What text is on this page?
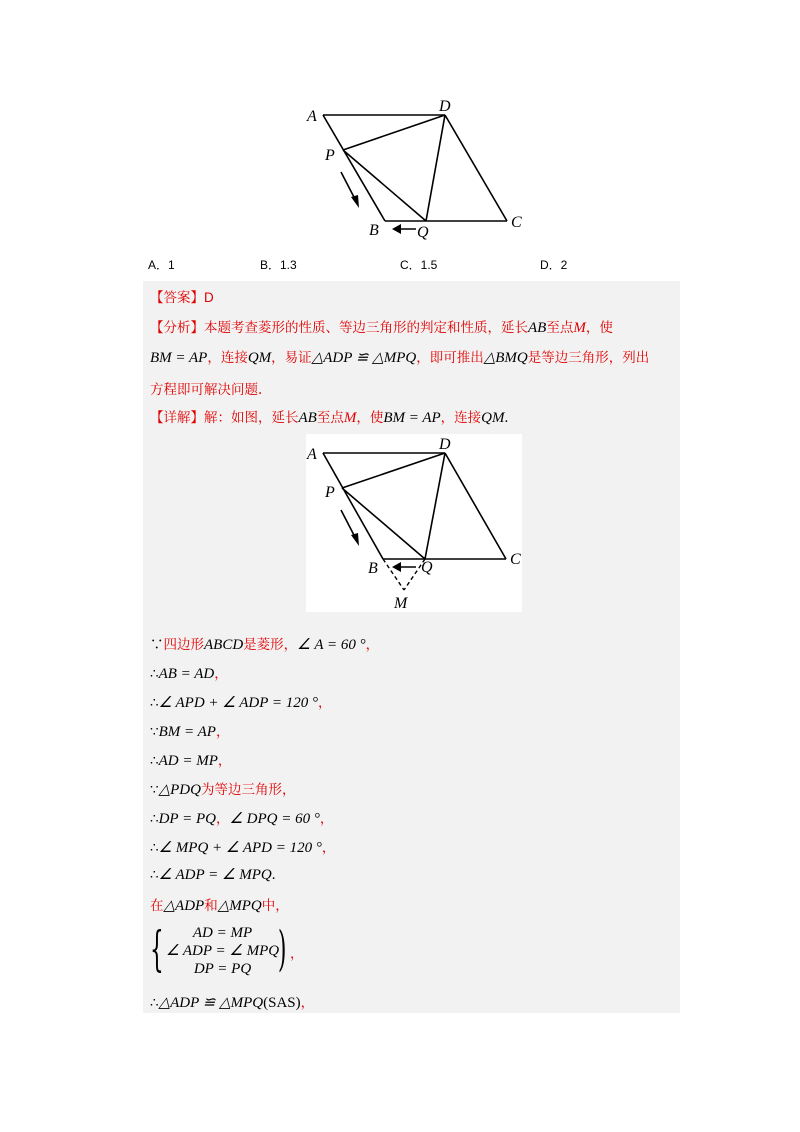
A
D
P
B Q
C
A．1	B．1.3	C．1.5	D．2
【答案】D
【分析】本题考查菱形的性质、等边三角形的判定和性质，延长AB至点M，使
BM = AP，连接QM，易证△ADP ≌ △MPQ，即可推出△BMQ是等边三角形，列出
方程即可解决问题.
【详解】解：如图，延长AB至点M，使BM = AP，连接QM.
A
D
P
B	Q	C
M
∵四边形ABCD是菱形，∠ A = 60 °，
∴AB = AD，
∴∠ APD + ∠ ADP = 120 °，
∵BM = AP，
∴AD = MP，
∵△PDQ为等边三角形，
∴DP = PQ，∠ DPQ = 60 °，
∴∠ MPQ + ∠ APD = 120 °，
∴∠ ADP = ∠ MPQ.
在△ADP和△MPQ中，
{	AD = MP
∠ ADP = ∠ MPQ
DP = PQ ) ，
∴△ADP ≌ △MPQ(SAS)，
